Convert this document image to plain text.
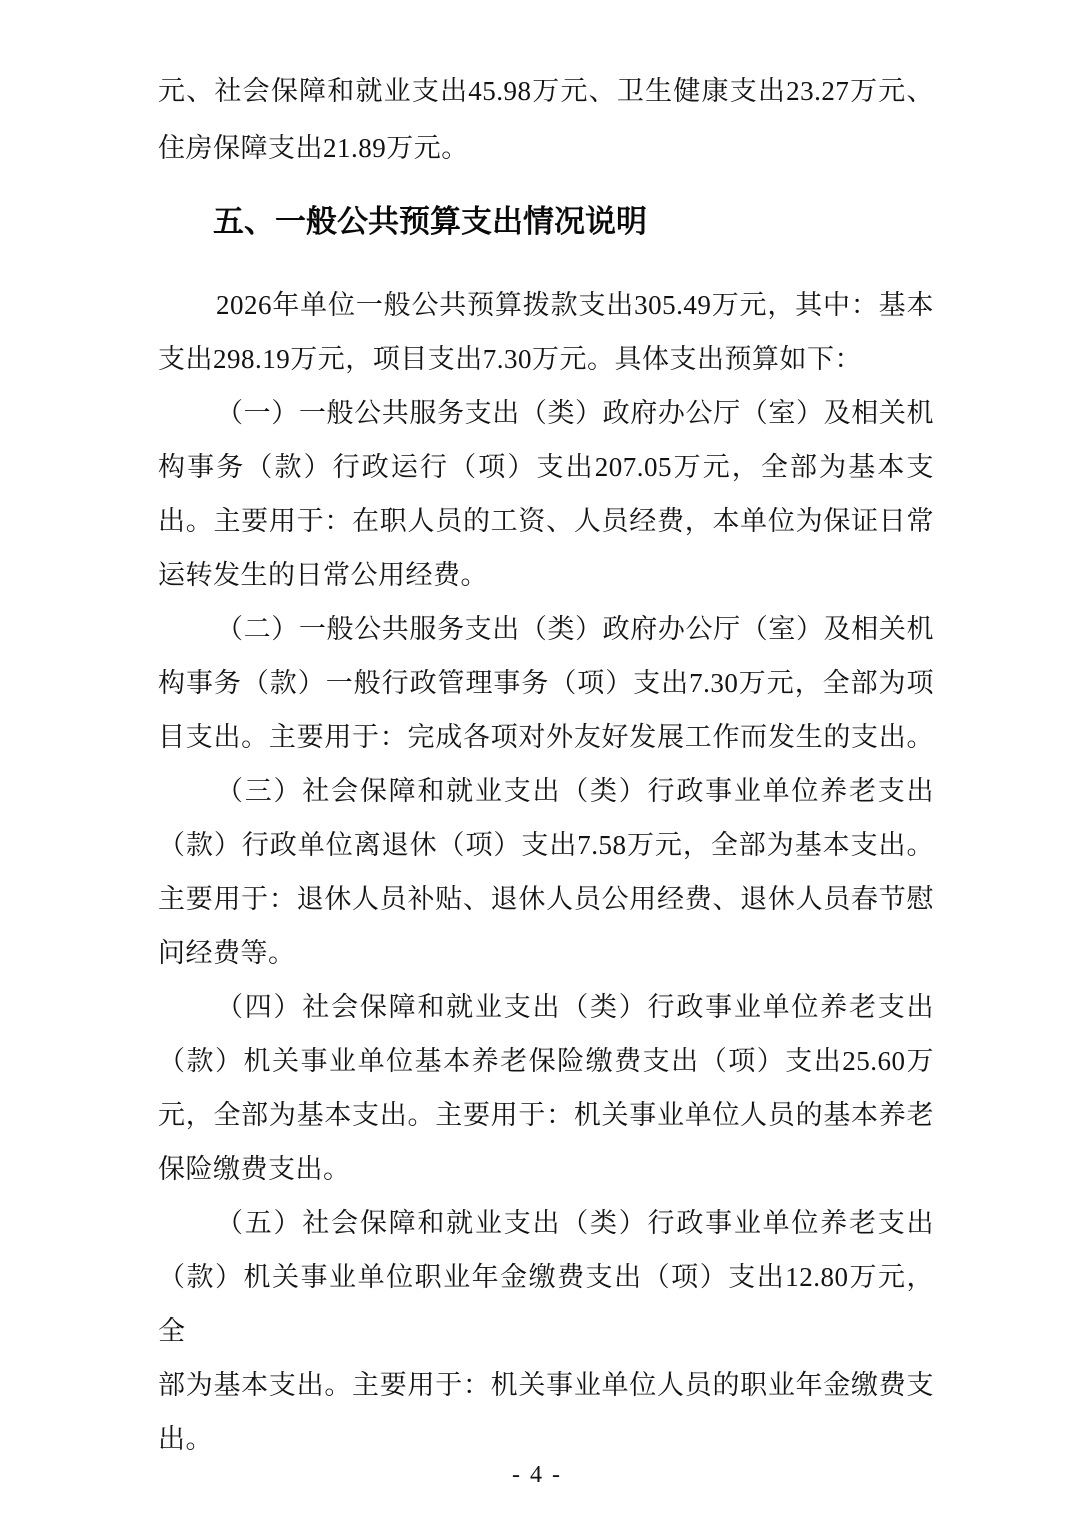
元、社会保障和就业支出45.98万元、卫生健康支出23.27万元、
住房保障支出21.89万元。
五、一般公共预算支出情况说明
2026年单位一般公共预算拨款支出305.49万元，其中：基本
支出298.19万元，项目支出7.30万元。具体支出预算如下：
（一）一般公共服务支出（类）政府办公厅（室）及相关机
构事务（款）行政运行（项）支出207.05万元，全部为基本支
出。主要用于：在职人员的工资、人员经费，本单位为保证日常
运转发生的日常公用经费。
（二）一般公共服务支出（类）政府办公厅（室）及相关机
构事务（款）一般行政管理事务（项）支出7.30万元，全部为项
目支出。主要用于：完成各项对外友好发展工作而发生的支出。
（三）社会保障和就业支出（类）行政事业单位养老支出
（款）行政单位离退休（项）支出7.58万元，全部为基本支出。
主要用于：退休人员补贴、退休人员公用经费、退休人员春节慰
问经费等。
（四）社会保障和就业支出（类）行政事业单位养老支出
（款）机关事业单位基本养老保险缴费支出（项）支出25.60万
元，全部为基本支出。主要用于：机关事业单位人员的基本养老
保险缴费支出。
（五）社会保障和就业支出（类）行政事业单位养老支出
（款）机关事业单位职业年金缴费支出（项）支出12.80万元，全
部为基本支出。主要用于：机关事业单位人员的职业年金缴费支
出。
- 4 -
